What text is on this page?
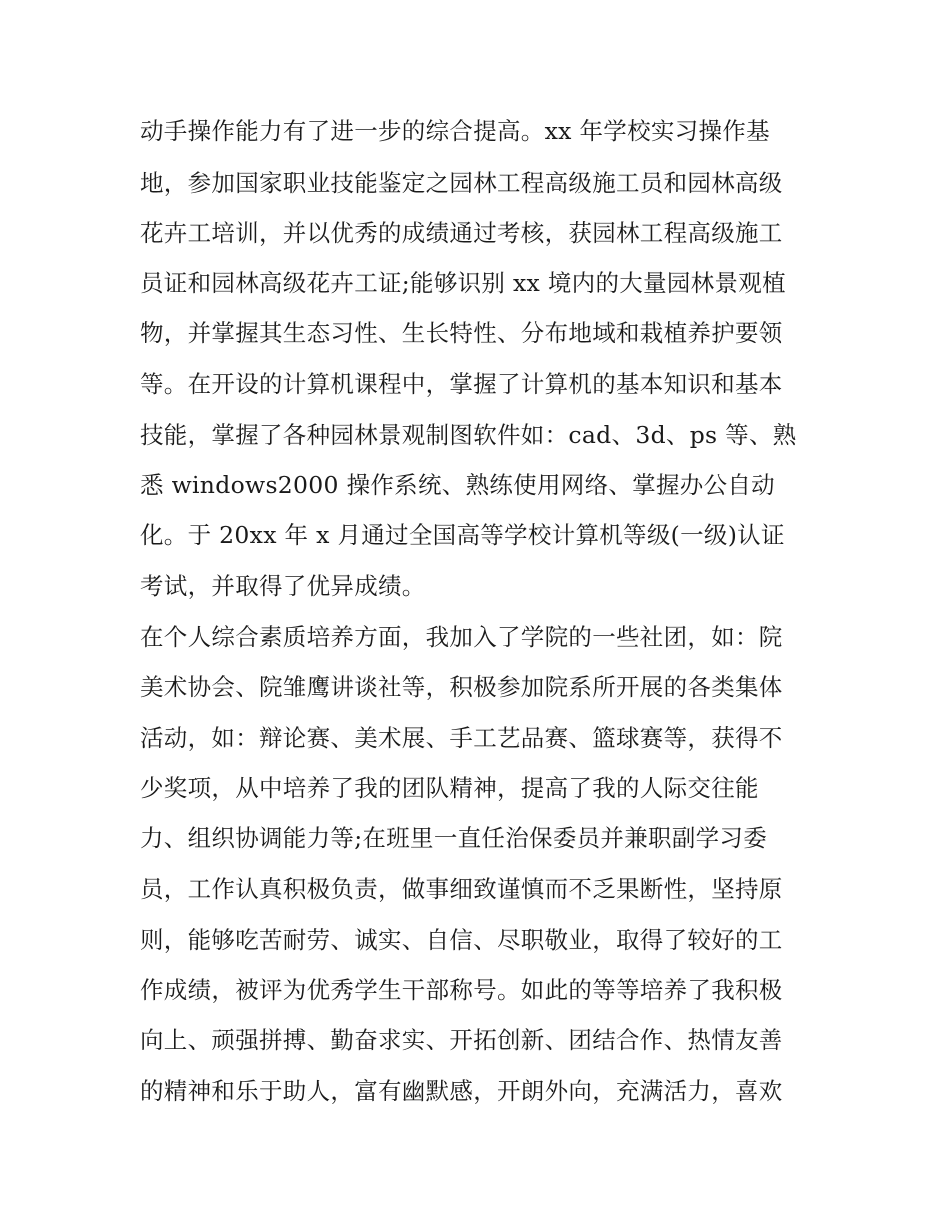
动手操作能力有了进一步的综合提高。xx 年学校实习操作基
地，参加国家职业技能鉴定之园林工程高级施工员和园林高级
花卉工培训，并以优秀的成绩通过考核，获园林工程高级施工
员证和园林高级花卉工证;能够识别 xx 境内的大量园林景观植
物，并掌握其生态习性、生长特性、分布地域和栽植养护要领
等。在开设的计算机课程中，掌握了计算机的基本知识和基本
技能，掌握了各种园林景观制图软件如：cad、3d、ps 等、熟
悉 windows2000 操作系统、熟练使用网络、掌握办公自动
化。于 20xx 年 x 月通过全国高等学校计算机等级(一级)认证
考试，并取得了优异成绩。
在个人综合素质培养方面，我加入了学院的一些社团，如：院
美术协会、院雏鹰讲谈社等，积极参加院系所开展的各类集体
活动，如：辩论赛、美术展、手工艺品赛、篮球赛等，获得不
少奖项，从中培养了我的团队精神，提高了我的人际交往能
力、组织协调能力等;在班里一直任治保委员并兼职副学习委
员，工作认真积极负责，做事细致谨慎而不乏果断性，坚持原
则，能够吃苦耐劳、诚实、自信、尽职敬业，取得了较好的工
作成绩，被评为优秀学生干部称号。如此的等等培养了我积极
向上、顽强拼搏、勤奋求实、开拓创新、团结合作、热情友善
的精神和乐于助人，富有幽默感，开朗外向，充满活力，喜欢
